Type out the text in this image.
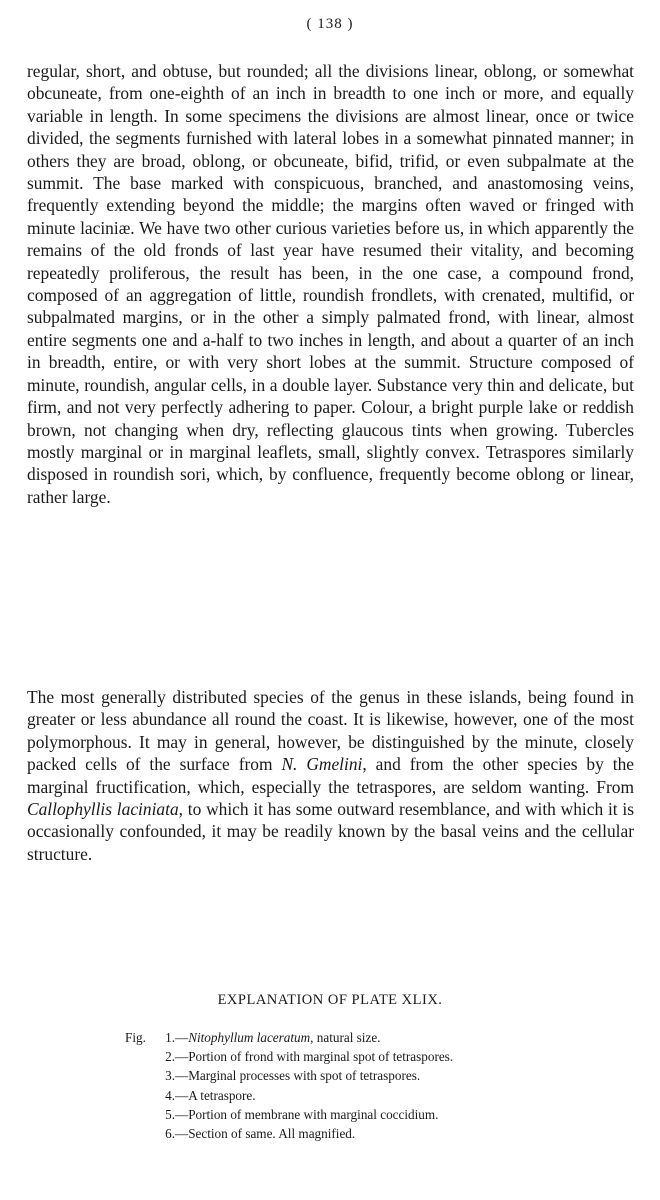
( 138 )

regular, short, and obtuse, but rounded; all the divisions linear, oblong, or somewhat obcuneate, from one-eighth of an inch in breadth to one inch or more, and equally variable in length. In some specimens the divisions are almost linear, once or twice divided, the segments furnished with lateral lobes in a somewhat pinnated manner; in others they are broad, oblong, or obcuneate, bifid, trifid, or even subpalmate at the summit. The base marked with conspicuous, branched, and anastomosing veins, frequently extending beyond the middle; the margins often waved or fringed with minute laciniæ. We have two other curious varieties before us, in which apparently the remains of the old fronds of last year have resumed their vitality, and becoming repeatedly proliferous, the result has been, in the one case, a compound frond, composed of an aggregation of little, roundish frondlets, with crenated, multifid, or subpalmated margins, or in the other a simply palmated frond, with linear, almost entire segments one and a-half to two inches in length, and about a quarter of an inch in breadth, entire, or with very short lobes at the summit. Structure composed of minute, roundish, angular cells, in a double layer. Substance very thin and delicate, but firm, and not very perfectly adhering to paper. Colour, a bright purple lake or reddish brown, not changing when dry, reflecting glaucous tints when growing. Tubercles mostly marginal or in marginal leaflets, small, slightly convex. Tetraspores similarly disposed in roundish sori, which, by confluence, frequently become oblong or linear, rather large.

The most generally distributed species of the genus in these islands, being found in greater or less abundance all round the coast. It is likewise, however, one of the most polymorphous. It may in general, however, be distinguished by the minute, closely packed cells of the surface from N. Gmelini, and from the other species by the marginal fructification, which, especially the tetraspores, are seldom wanting. From Callophyllis laciniata, to which it has some outward resemblance, and with which it is occasionally confounded, it may be readily known by the basal veins and the cellular structure.

EXPLANATION OF PLATE XLIX.
Fig. 1.—Nitophyllum laceratum, natural size.
2.—Portion of frond with marginal spot of tetraspores.
3.—Marginal processes with spot of tetraspores.
4.—A tetraspore.
5.—Portion of membrane with marginal coccidium.
6.—Section of same. All magnified.
